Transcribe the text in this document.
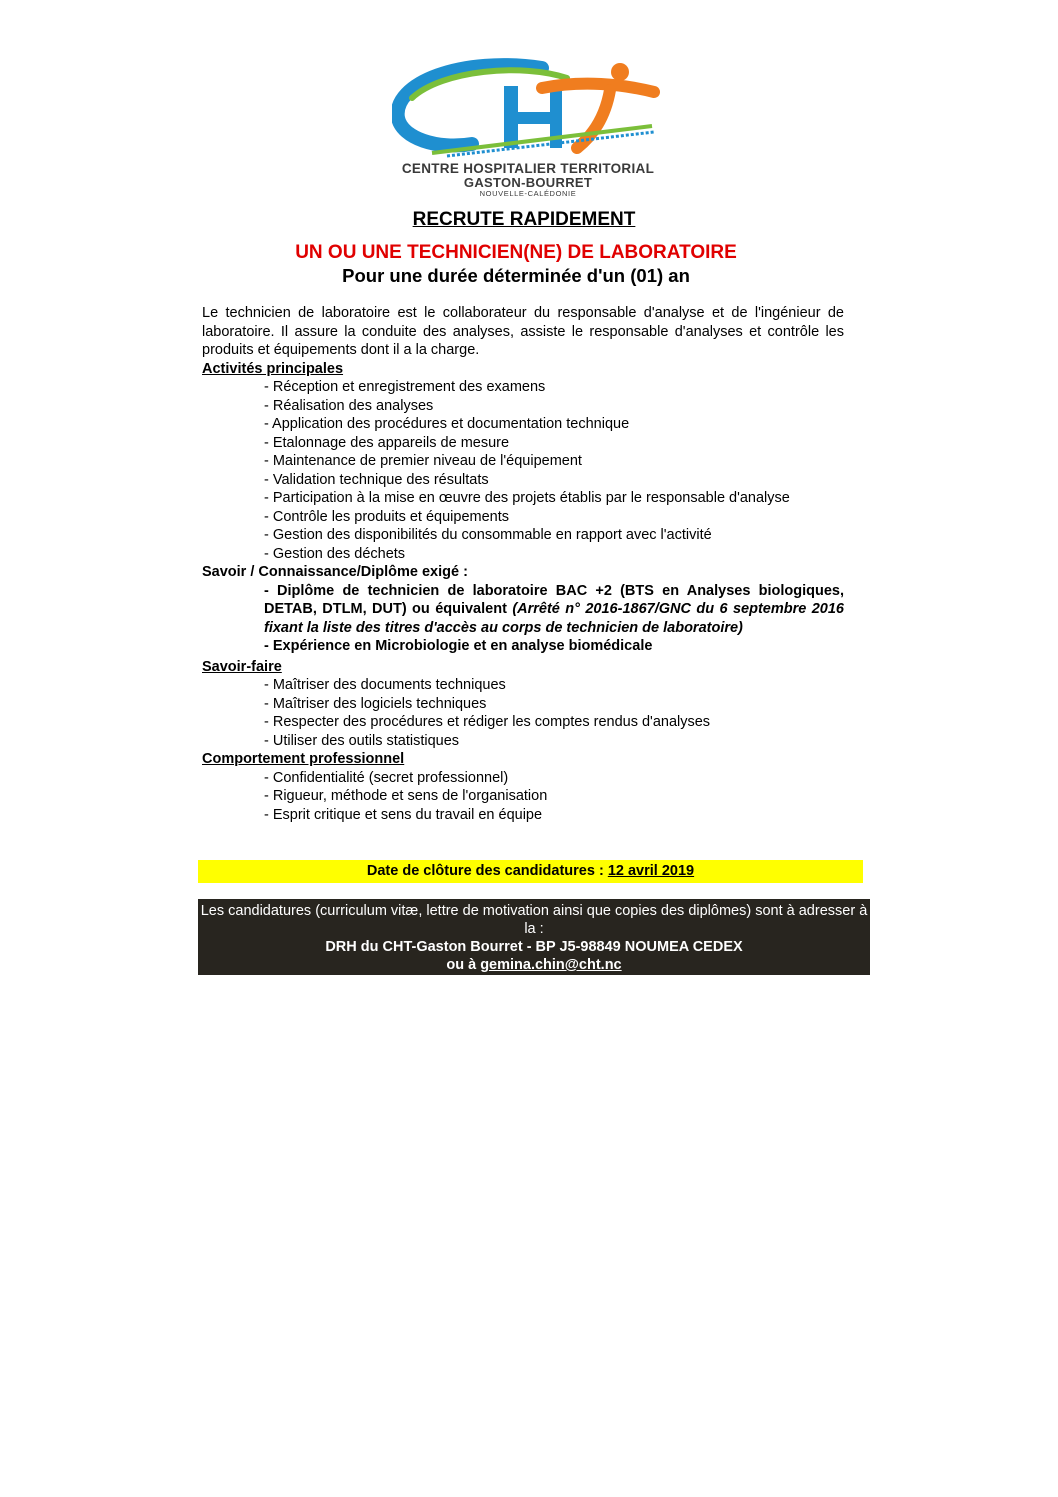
CENTRE HOSPITALIER TERRITORIAL
GASTON-BOURRET
NOUVELLE-CALÉDONIE
RECRUTE RAPIDEMENT
UN OU UNE TECHNICIEN(NE) DE LABORATOIRE
Pour une durée déterminée d'un (01) an
Le technicien de laboratoire est le collaborateur du responsable d'analyse et de l'ingénieur de laboratoire. Il assure la conduite des analyses, assiste le responsable d'analyses et contrôle les produits et équipements dont il a la charge.
Activités principales
- Réception et enregistrement des examens
- Réalisation des analyses
- Application des procédures et documentation technique
- Etalonnage des appareils de mesure
- Maintenance de premier niveau de l'équipement
- Validation technique des résultats
- Participation à la mise en œuvre des projets établis par le responsable d'analyse
- Contrôle les produits et équipements
- Gestion des disponibilités du consommable en rapport avec l'activité
- Gestion des déchets
Savoir / Connaissance/Diplôme exigé :
- Diplôme de technicien de laboratoire BAC +2 (BTS en Analyses biologiques, DETAB, DTLM, DUT) ou équivalent (Arrêté n° 2016-1867/GNC du 6 septembre 2016 fixant la liste des titres d'accès au corps de technicien de laboratoire)
- Expérience en Microbiologie et en analyse biomédicale
Savoir-faire
- Maîtriser des documents techniques
- Maîtriser des logiciels techniques
- Respecter des procédures et rédiger les comptes rendus d'analyses
- Utiliser des outils statistiques
Comportement professionnel
- Confidentialité (secret professionnel)
- Rigueur, méthode et sens de l'organisation
- Esprit critique et sens du travail en équipe
Date de clôture des candidatures : 12 avril 2019
Les candidatures (curriculum vitæ, lettre de motivation ainsi que copies des diplômes) sont à adresser à la :
DRH du CHT-Gaston Bourret - BP J5-98849 NOUMEA CEDEX
ou à gemina.chin@cht.nc
